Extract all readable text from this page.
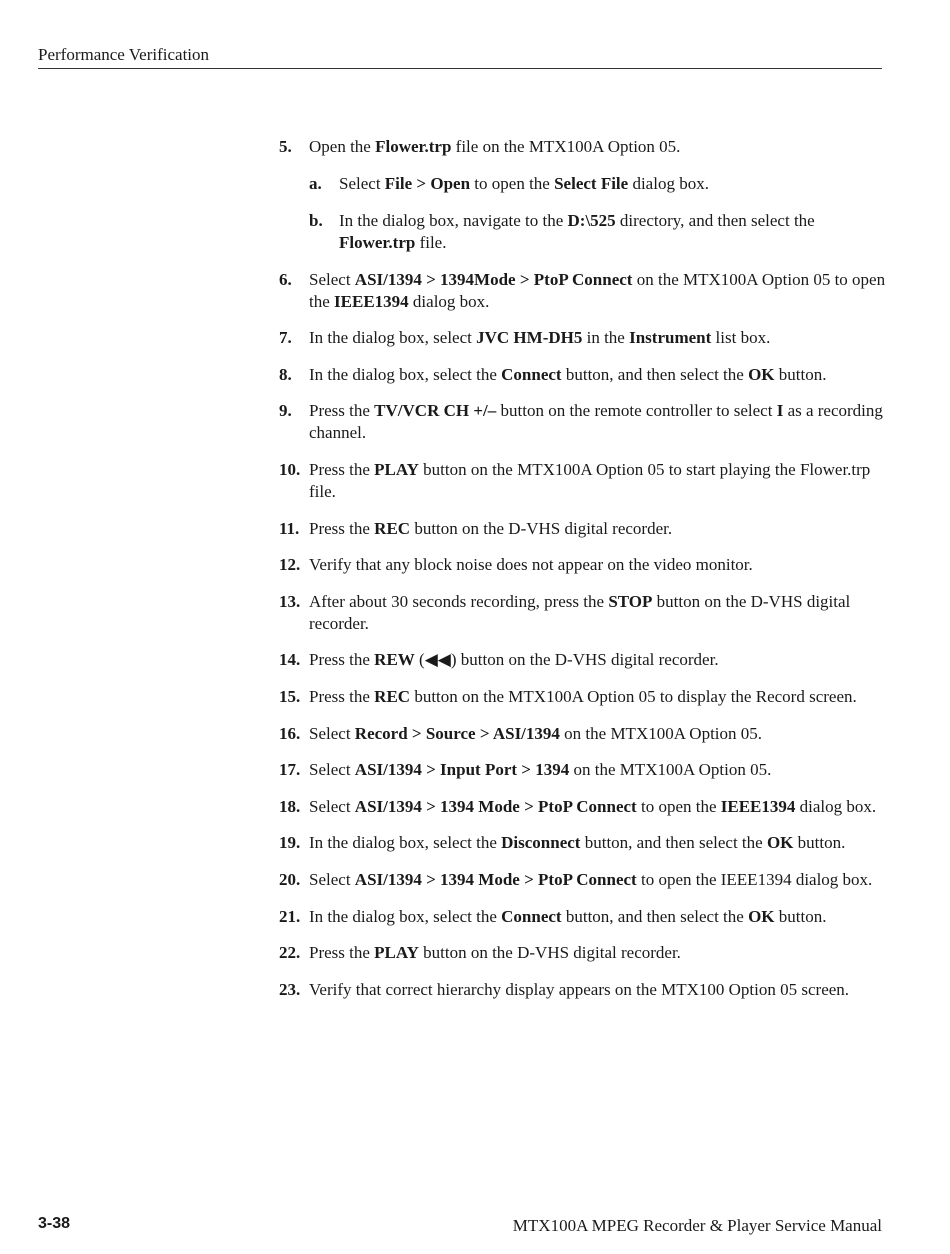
Performance Verification
5. Open the Flower.trp file on the MTX100A Option 05.
a. Select File > Open to open the Select File dialog box.
b. In the dialog box, navigate to the D:\525 directory, and then select the Flower.trp file.
6. Select ASI/1394 > 1394Mode > PtoP Connect on the MTX100A Option 05 to open the IEEE1394 dialog box.
7. In the dialog box, select JVC HM-DH5 in the Instrument list box.
8. In the dialog box, select the Connect button, and then select the OK button.
9. Press the TV/VCR CH +/– button on the remote controller to select I as a recording channel.
10. Press the PLAY button on the MTX100A Option 05 to start playing the Flower.trp file.
11. Press the REC button on the D-VHS digital recorder.
12. Verify that any block noise does not appear on the video monitor.
13. After about 30 seconds recording, press the STOP button on the D-VHS digital recorder.
14. Press the REW (◀◀) button on the D-VHS digital recorder.
15. Press the REC button on the MTX100A Option 05 to display the Record screen.
16. Select Record > Source > ASI/1394 on the MTX100A Option 05.
17. Select ASI/1394 > Input Port > 1394 on the MTX100A Option 05.
18. Select ASI/1394 > 1394 Mode > PtoP Connect to open the IEEE1394 dialog box.
19. In the dialog box, select the Disconnect button, and then select the OK button.
20. Select ASI/1394 > 1394 Mode > PtoP Connect to open the IEEE1394 dialog box.
21. In the dialog box, select the Connect button, and then select the OK button.
22. Press the PLAY button on the D-VHS digital recorder.
23. Verify that correct hierarchy display appears on the MTX100 Option 05 screen.
3-38	MTX100A MPEG Recorder & Player Service Manual
